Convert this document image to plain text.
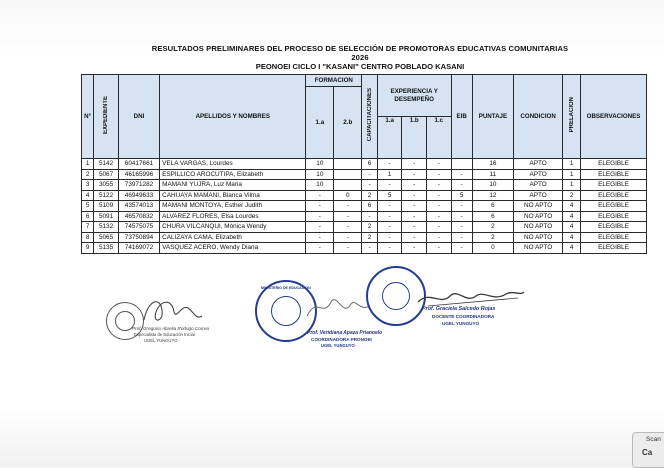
RESULTADOS PRELIMINARES DEL PROCESO DE SELECCIÓN DE PROMOTORAS EDUCATIVAS COMUNITARIAS 2026
PEONOEI CICLO I "KASANI" CENTRO POBLADO KASANI
N°	EXPEDIENTE	DNI	APELLIDOS Y NOMBRES	FORMACION		CAPACITACIONES	EXPERIENCIA Y DESEMPEÑO			EIB	PUNTAJE	CONDICION	PRELACION	OBSERVACIONES
				1.a	2.b									
							1.a	1.b	1.c					
1	5142	60417661	VELA VARGAS, Lourdes	10		6	-	-	-		16	APTO	1	ELEGIBLE
2	5067	46165996	ESPILLICO AROCUTIPA, Elizabeth	10		-	1	-	-	-	11	APTO	1	ELEGIBLE
3	3055	73971282	MAMANI YUJRA, Luz Maria	10		-	-	-	-	-	10	APTO	1	ELEGIBLE
4	5122	46949633	CAHUAYA MAMANI, Blanca Vilma	-	0	2	5	-	-	5	12	APTO	2	ELEGIBLE
5	5109	43574013	MAMANI MONTOYA, Esther Judith	-	-	6	-	-	-	-	6	NO APTO	4	ELEGIBLE
6	5091	46570832	ALVAREZ FLORES, Elsa Lourdes	-	-	-	-	-	-	-	6	NO APTO	4	ELEGIBLE
7	5132	74575075	CHURA VILCANQUI, Mónica Wendy	-	-	2	-	-	-	-	2	NO APTO	4	ELEGIBLE
8	5065	73750894	CALIZAYA CAMA, Elizabeth	-	-	2	-	-	-	-	2	NO APTO	4	ELEGIBLE
9	5135	74169072	VASQUEZ ACERO, Wendy Diana	-	-	-	-	-	-	-	0	NO APTO	4	ELEGIBLE
Prof. Gregoria Abrelia Rodrigo Correa
Especialista de Educación Inicial
UGEL YUNGUYO
MINISTERIO DE EDUCACION
Prof. Veridiana Apaza Prianoelo
COORDINADORA PRONOEI
UGEL YUNGUYO
Prof. Graciela Salcedo Rojas
DOCENTE COORDINADORA
UGEL YUNGUYO
Scan
Ca
